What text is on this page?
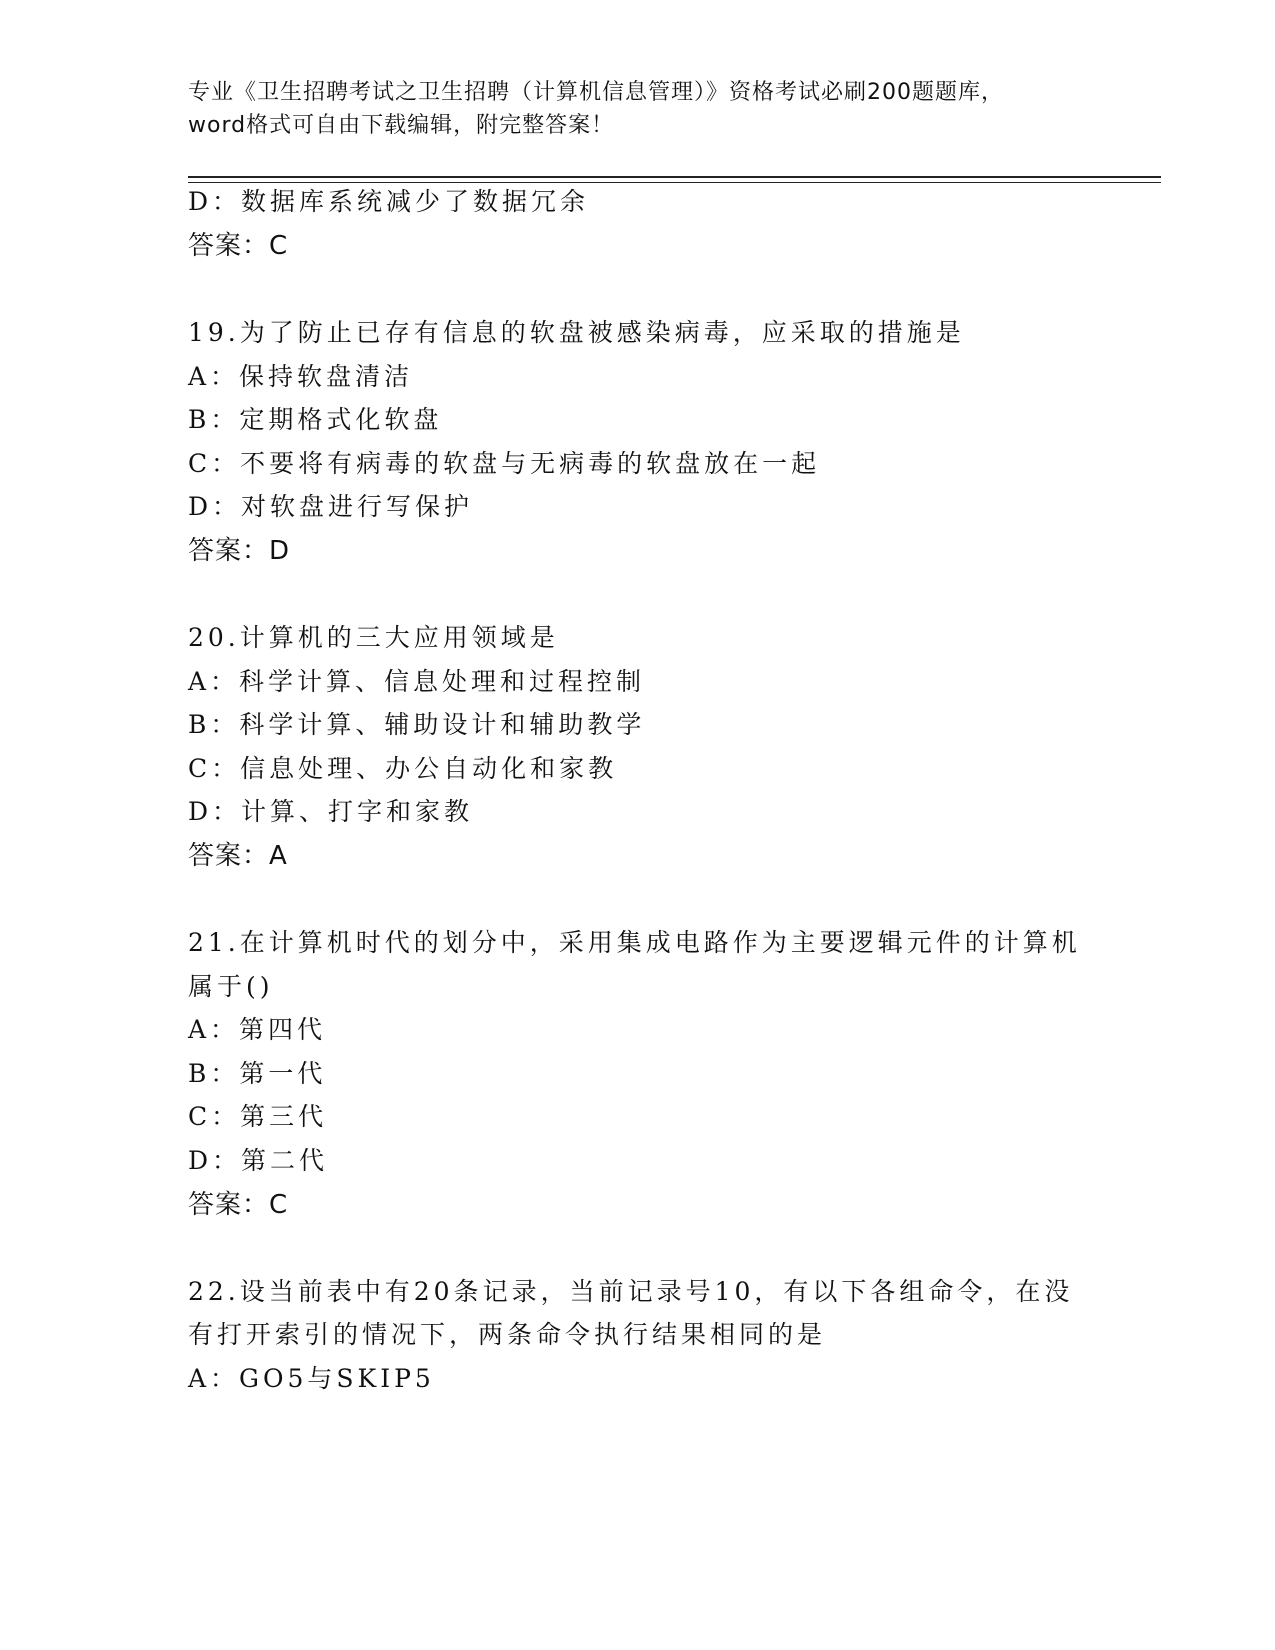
专业《卫生招聘考试之卫生招聘（计算机信息管理）》资格考试必刷200题题库，
word格式可自由下载编辑，附完整答案！
D：数据库系统减少了数据冗余
答案：C
19.为了防止已存有信息的软盘被感染病毒，应采取的措施是
A：保持软盘清洁
B：定期格式化软盘
C：不要将有病毒的软盘与无病毒的软盘放在一起
D：对软盘进行写保护
答案：D
20.计算机的三大应用领域是
A：科学计算、信息处理和过程控制
B：科学计算、辅助设计和辅助教学
C：信息处理、办公自动化和家教
D：计算、打字和家教
答案：A
21.在计算机时代的划分中，采用集成电路作为主要逻辑元件的计算机
属于()
A：第四代
B：第一代
C：第三代
D：第二代
答案：C
22.设当前表中有20条记录，当前记录号10，有以下各组命令，在没
有打开索引的情况下，两条命令执行结果相同的是
A：GO5与SKIP5
